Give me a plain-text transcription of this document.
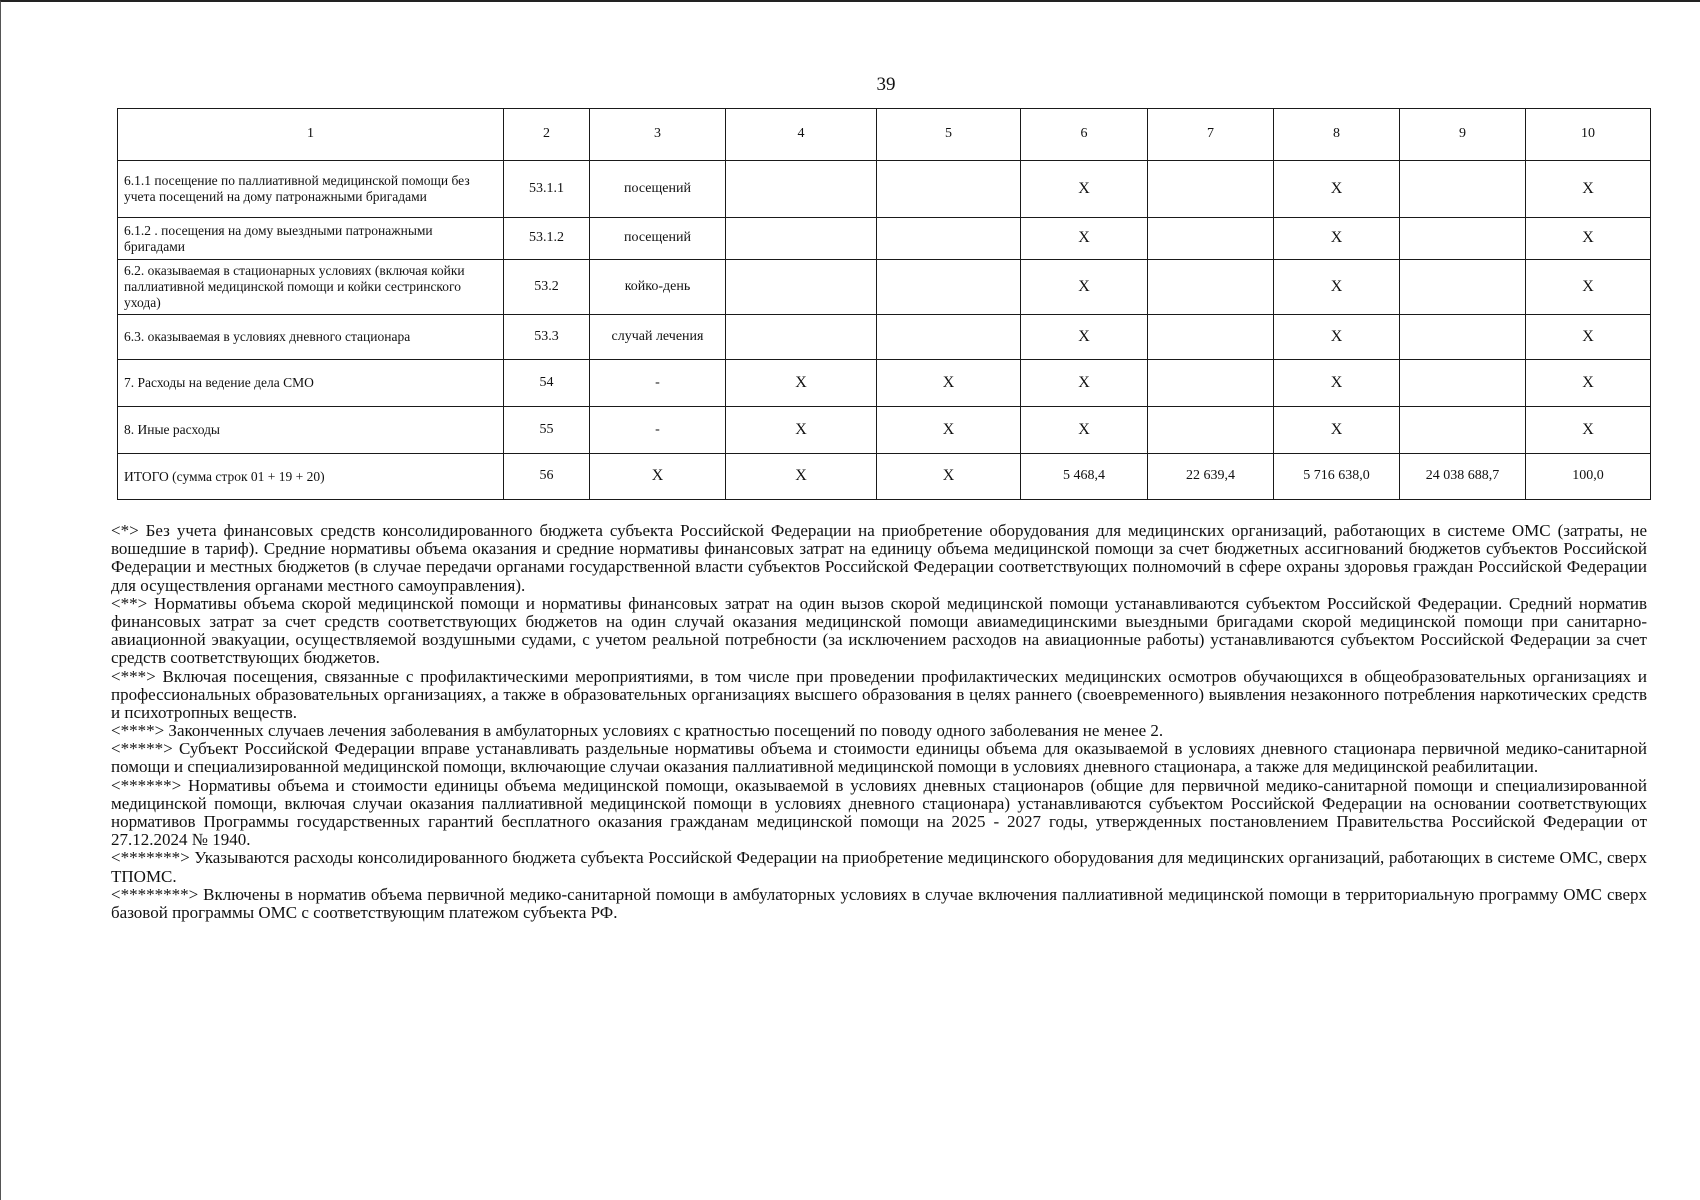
39
1	2	3	4	5	6	7	8	9	10
6.1.1 посещение по паллиативной медицинской помощи без учета посещений на дому патронажными бригадами	53.1.1	посещений			X		X		X
6.1.2 . посещения на дому выездными патронажными бригадами	53.1.2	посещений			X		X		X
6.2. оказываемая в стационарных условиях (включая койки паллиативной медицинской помощи и койки сестринского ухода)	53.2	койко-день			X		X		X
6.3. оказываемая в условиях дневного стационара	53.3	случай лечения			X		X		X
7. Расходы на ведение дела СМО	54	-	X	X	X		X		X
8. Иные расходы	55	-	X	X	X		X		X
ИТОГО (сумма строк 01 + 19 + 20)	56	X	X	X	5 468,4	22 639,4	5 716 638,0	24 038 688,7	100,0

<*> Без учета финансовых средств консолидированного бюджета субъекта Российской Федерации на приобретение оборудования для медицинских организаций, работающих в системе ОМС (затраты, не вошедшие в тариф). Средние нормативы объема оказания и средние нормативы финансовых затрат на единицу объема медицинской помощи за счет бюджетных ассигнований бюджетов субъектов Российской Федерации и местных бюджетов (в случае передачи органами государственной власти субъектов Российской Федерации соответствующих полномочий в сфере охраны здоровья граждан Российской Федерации для осуществления органами местного самоуправления).

<**> Нормативы объема скорой медицинской помощи и нормативы финансовых затрат на один вызов скорой медицинской помощи устанавливаются субъектом Российской Федерации. Средний норматив финансовых затрат за счет средств соответствующих бюджетов на один случай оказания медицинской помощи авиамедицинскими выездными бригадами скорой медицинской помощи при санитарно-авиационной эвакуации, осуществляемой воздушными судами, с учетом реальной потребности (за исключением расходов на авиационные работы) устанавливаются субъектом Российской Федерации за счет средств соответствующих бюджетов.

<***> Включая посещения, связанные с профилактическими мероприятиями, в том числе при проведении профилактических медицинских осмотров обучающихся в общеобразовательных организациях и профессиональных образовательных организациях, а также в образовательных организациях высшего образования в целях раннего (своевременного) выявления незаконного потребления наркотических средств и психотропных веществ.

<****> Законченных случаев лечения заболевания в амбулаторных условиях с кратностью посещений по поводу одного заболевания не менее 2.

<*****> Субъект Российской Федерации вправе устанавливать раздельные нормативы объема и стоимости единицы объема для оказываемой в условиях дневного стационара первичной медико-санитарной помощи и специализированной медицинской помощи, включающие случаи оказания паллиативной медицинской помощи в условиях дневного стационара, а также для медицинской реабилитации.

<******> Нормативы объема и стоимости единицы объема медицинской помощи, оказываемой в условиях дневных стационаров (общие для первичной медико-санитарной помощи и специализированной медицинской помощи, включая случаи оказания паллиативной медицинской помощи в условиях дневного стационара) устанавливаются субъектом Российской Федерации на основании соответствующих нормативов Программы государственных гарантий бесплатного оказания гражданам медицинской помощи на 2025 - 2027 годы, утвержденных постановлением Правительства Российской Федерации от 27.12.2024 № 1940.

<*******> Указываются расходы консолидированного бюджета субъекта Российской Федерации на приобретение медицинского оборудования для медицинских организаций, работающих в системе ОМС, сверх ТПОМС.

<********> Включены в норматив объема первичной медико-санитарной помощи в амбулаторных условиях в случае включения паллиативной медицинской помощи в территориальную программу ОМС сверх базовой программы ОМС с соответствующим платежом субъекта РФ.
